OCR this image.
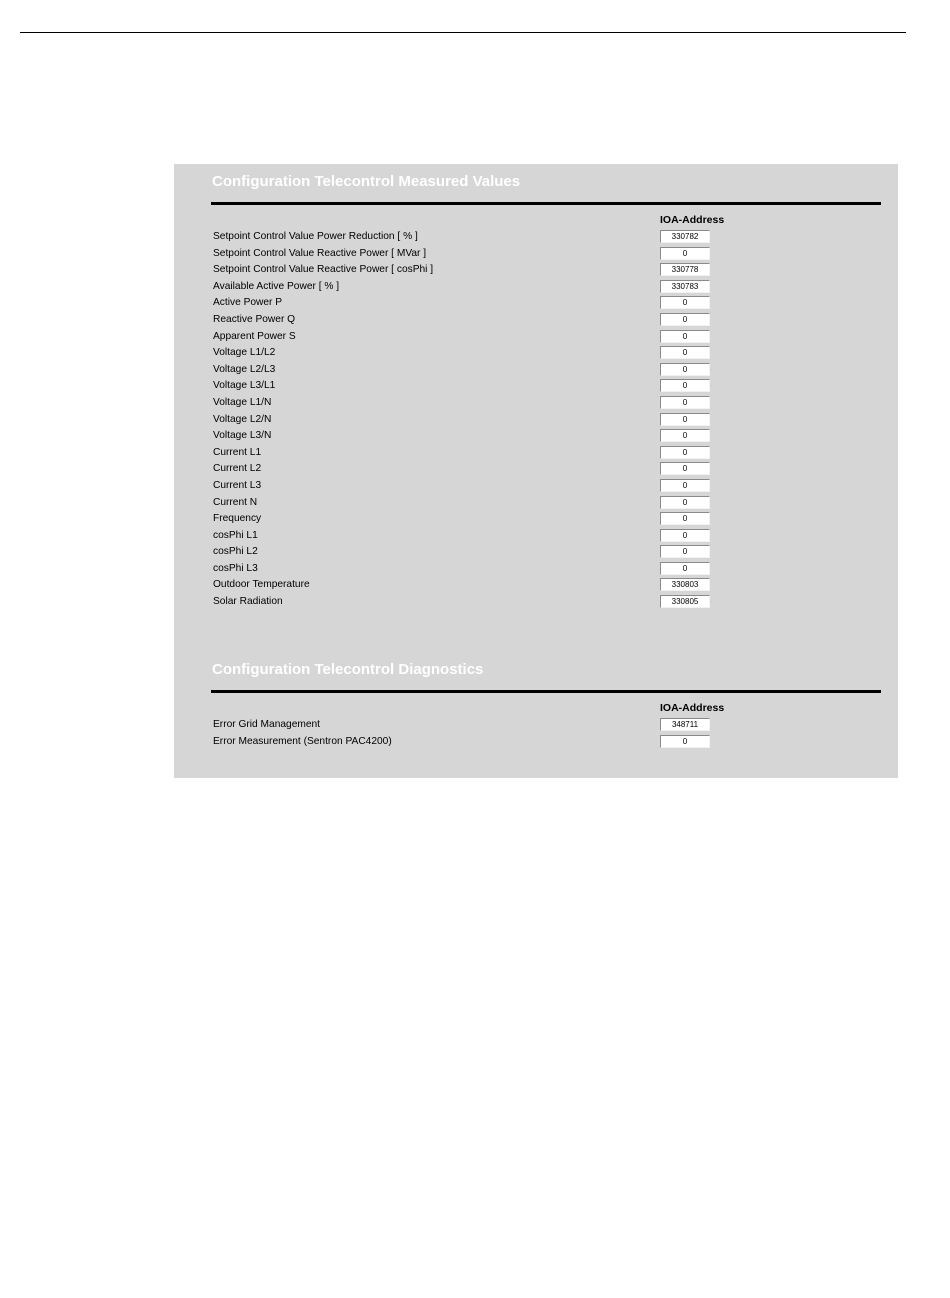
Configuration Telecontrol Measured Values
IOA-Address
Setpoint Control Value Power Reduction [ % ]
330782
Setpoint Control Value Reactive Power [ MVar ]
0
Setpoint Control Value Reactive Power [ cosPhi ]
330778
Available Active Power [ % ]
330783
Active Power P
0
Reactive Power Q
0
Apparent Power S
0
Voltage L1/L2
0
Voltage L2/L3
0
Voltage L3/L1
0
Voltage L1/N
0
Voltage L2/N
0
Voltage L3/N
0
Current L1
0
Current L2
0
Current L3
0
Current N
0
Frequency
0
cosPhi L1
0
cosPhi L2
0
cosPhi L3
0
Outdoor Temperature
330803
Solar Radiation
330805
Configuration Telecontrol Diagnostics
IOA-Address
Error Grid Management
348711
Error Measurement (Sentron PAC4200)
0
